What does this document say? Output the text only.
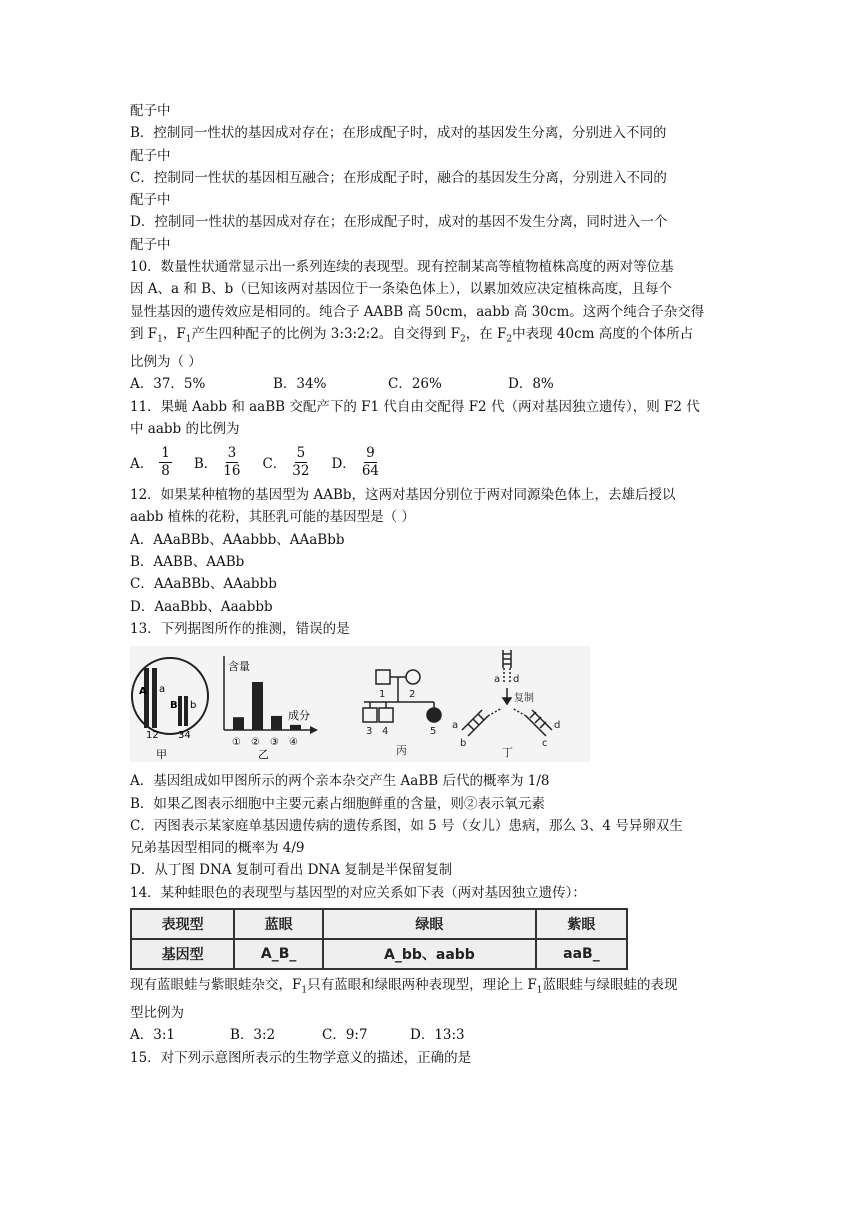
配子中
B．控制同一性状的基因成对存在；在形成配子时，成对的基因发生分离，分别进入不同的
配子中
C．控制同一性状的基因相互融合；在形成配子时，融合的基因发生分离，分别进入不同的
配子中
D．控制同一性状的基因成对存在；在形成配子时，成对的基因不发生分离，同时进入一个
配子中
10．数量性状通常显示出一系列连续的表现型。现有控制某高等植物植株高度的两对等位基
因 A、a 和 B、b（已知该两对基因位于一条染色体上），以累加效应决定植株高度，且每个
显性基因的遗传效应是相同的。纯合子 AABB 高 50cm，aabb 高 30cm。这两个纯合子杂交得
到 $F_1$，$F_1$产生四种配子的比例为 3:3:2:2。自交得到 $F_2$，在 $F_2$中表现 40cm 高度的个体所占
比例为（ ）
A．37．5%	B．34%	C．26%	D．8%
11．果蝇 Aabb 和 aaBB 交配产下的 F1 代自由交配得 F2 代（两对基因独立遗传），则 F2 代
中 aabb 的比例为
A． $\frac{1}{8}$ B． $\frac{3}{16}$ C． $\frac{5}{32}$ D． $\frac{9}{64}$
12．如果某种植物的基因型为 AABb，这两对基因分别位于两对同源染色体上，去雄后授以
aabb 植株的花粉，其胚乳可能的基因型是（ ）
A．AAaBBb、AAabbb、AAaBbb
B．AABB、AABb
C．AAaBBb、AAabbb
D．AaaBbb、Aaabbb
13．下列据图所作的推测，错误的是
A a
B b
12 34
甲
含量
成分
① ② ③ ④
乙
1 2
3 4	5
丙
a d
复制
a
b
d
c
丁
A．基因组成如甲图所示的两个亲本杂交产生 AaBB 后代的概率为 1/8
B．如果乙图表示细胞中主要元素占细胞鲜重的含量，则②表示氧元素
C．丙图表示某家庭单基因遗传病的遗传系图，如 5 号（女儿）患病，那么 3、4 号异卵双生
兄弟基因型相同的概率为 4/9
D．从丁图 DNA 复制可看出 DNA 复制是半保留复制
14．某种蛙眼色的表现型与基因型的对应关系如下表（两对基因独立遗传）：
表现型	蓝眼	绿眼	紫眼
基因型	A_B_	A_bb、aabb	aaB_
现有蓝眼蛙与紫眼蛙杂交，$F_1$只有蓝眼和绿眼两种表现型，理论上 $F_1$蓝眼蛙与绿眼蛙的表现
型比例为
A．3:1	B．3:2	C．9:7	D．13:3
15．对下列示意图所表示的生物学意义的描述，正确的是
